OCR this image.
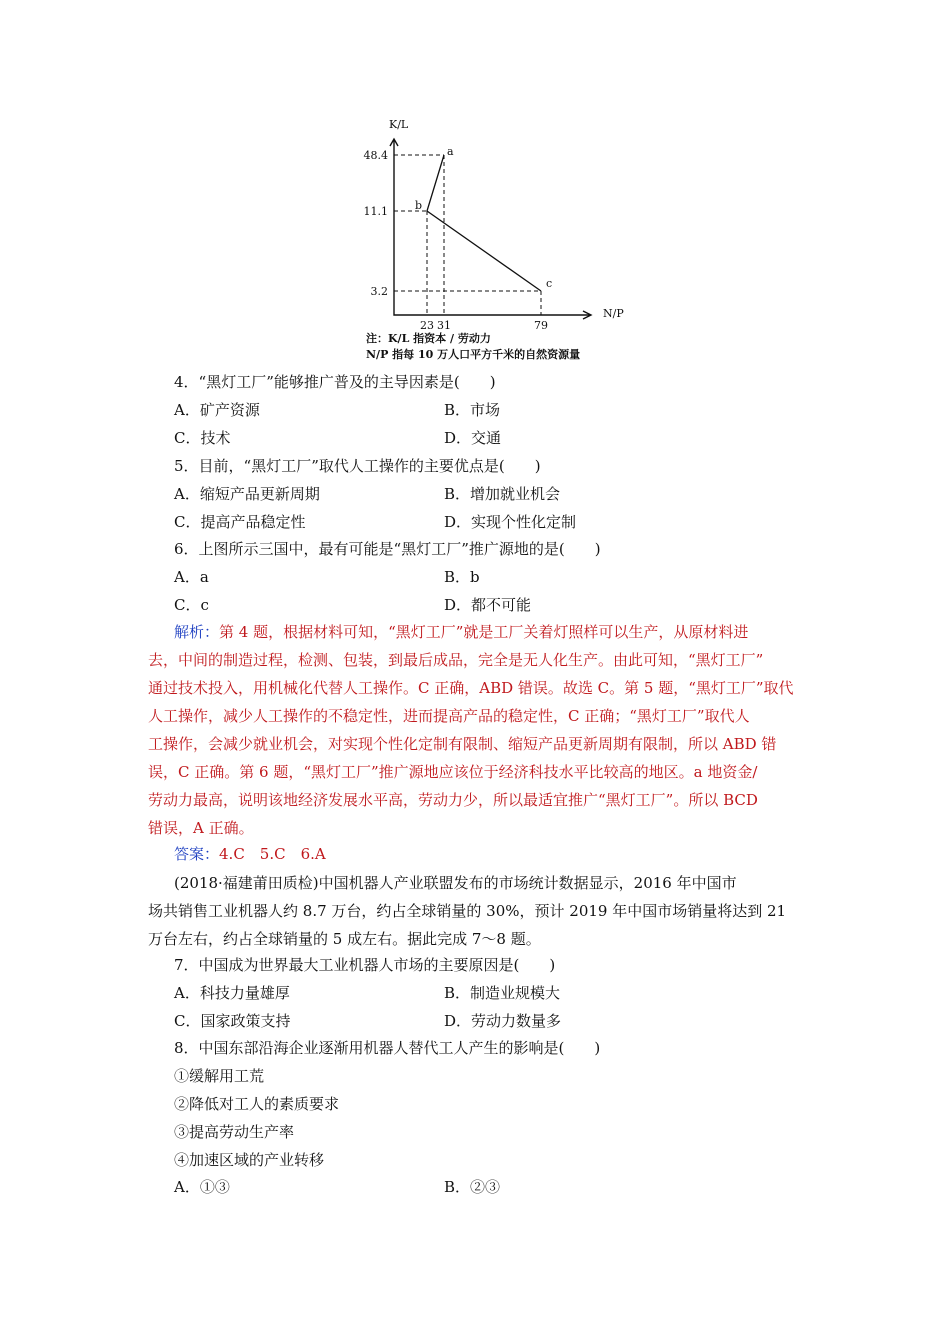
K/L
N/P
a
b
c
48.4
11.1
3.2
23 31	79
注：K/L 指资本 / 劳动力
N/P 指每 10 万人口平方千米的自然资源量
4．“黑灯工厂”能够推广普及的主导因素是(　　)
A．矿产资源	B．市场
C．技术	D．交通
5．目前，“黑灯工厂”取代人工操作的主要优点是(　　)
A．缩短产品更新周期	B．增加就业机会
C．提高产品稳定性	D．实现个性化定制
6．上图所示三国中，最有可能是“黑灯工厂”推广源地的是(　　)
A．a	B．b
C．c	D．都不可能
解析：第 4 题，根据材料可知，“黑灯工厂”就是工厂关着灯照样可以生产，从原材料进
去，中间的制造过程，检测、包装，到最后成品，完全是无人化生产。由此可知，“黑灯工厂”
通过技术投入，用机械化代替人工操作。C 正确，ABD 错误。故选 C。第 5 题，“黑灯工厂”取代
人工操作，减少人工操作的不稳定性，进而提高产品的稳定性，C 正确；“黑灯工厂”取代人
工操作，会减少就业机会，对实现个性化定制有限制、缩短产品更新周期有限制，所以 ABD 错
误，C 正确。第 6 题，“黑灯工厂”推广源地应该位于经济科技水平比较高的地区。a 地资金/
劳动力最高，说明该地经济发展水平高，劳动力少，所以最适宜推广“黑灯工厂”。所以 BCD
错误，A 正确。
答案：4.C　5.C　6.A
(2018·福建莆田质检)中国机器人产业联盟发布的市场统计数据显示，2016 年中国市
场共销售工业机器人约 8.7 万台，约占全球销量的 30%，预计 2019 年中国市场销量将达到 21
万台左右，约占全球销量的 5 成左右。据此完成 7～8 题。
7．中国成为世界最大工业机器人市场的主要原因是(　　)
A．科技力量雄厚	B．制造业规模大
C．国家政策支持	D．劳动力数量多
8．中国东部沿海企业逐渐用机器人替代工人产生的影响是(　　)
①缓解用工荒
②降低对工人的素质要求
③提高劳动生产率
④加速区域的产业转移
A．①③	B．②③
